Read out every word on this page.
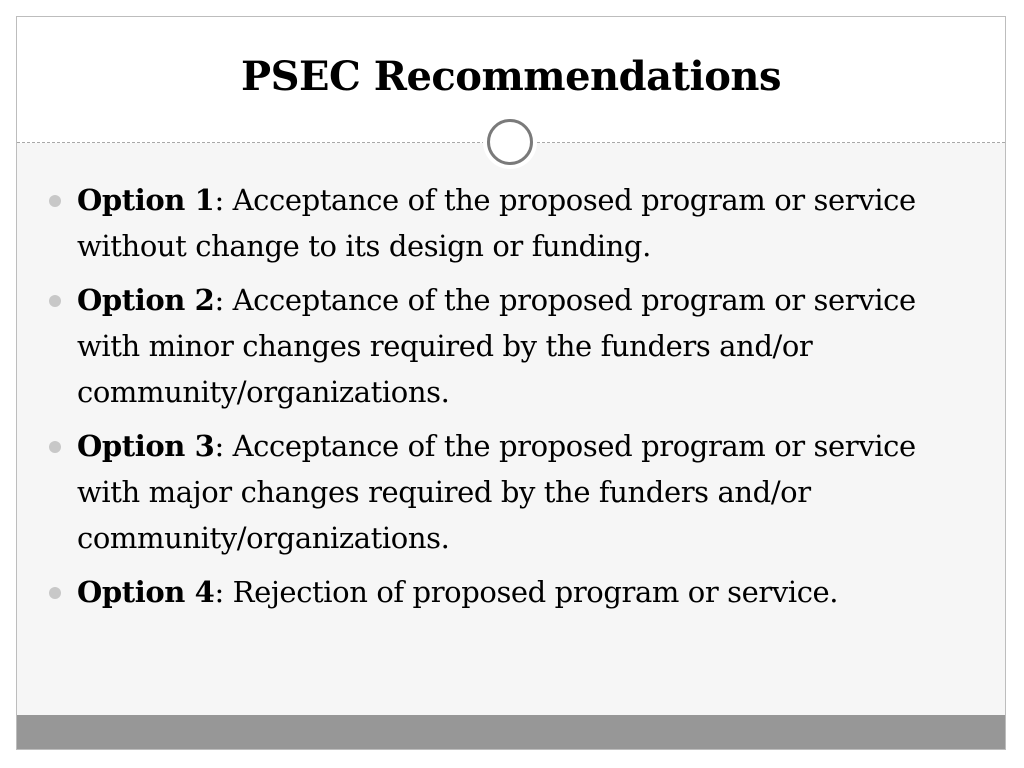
PSEC Recommendations
Option 1: Acceptance of the proposed program or service without change to its design or funding.
Option 2: Acceptance of the proposed program or service with minor changes required by the funders and/or community/organizations.
Option 3: Acceptance of the proposed program or service with major changes required by the funders and/or community/organizations.
Option 4: Rejection of proposed program or service.
